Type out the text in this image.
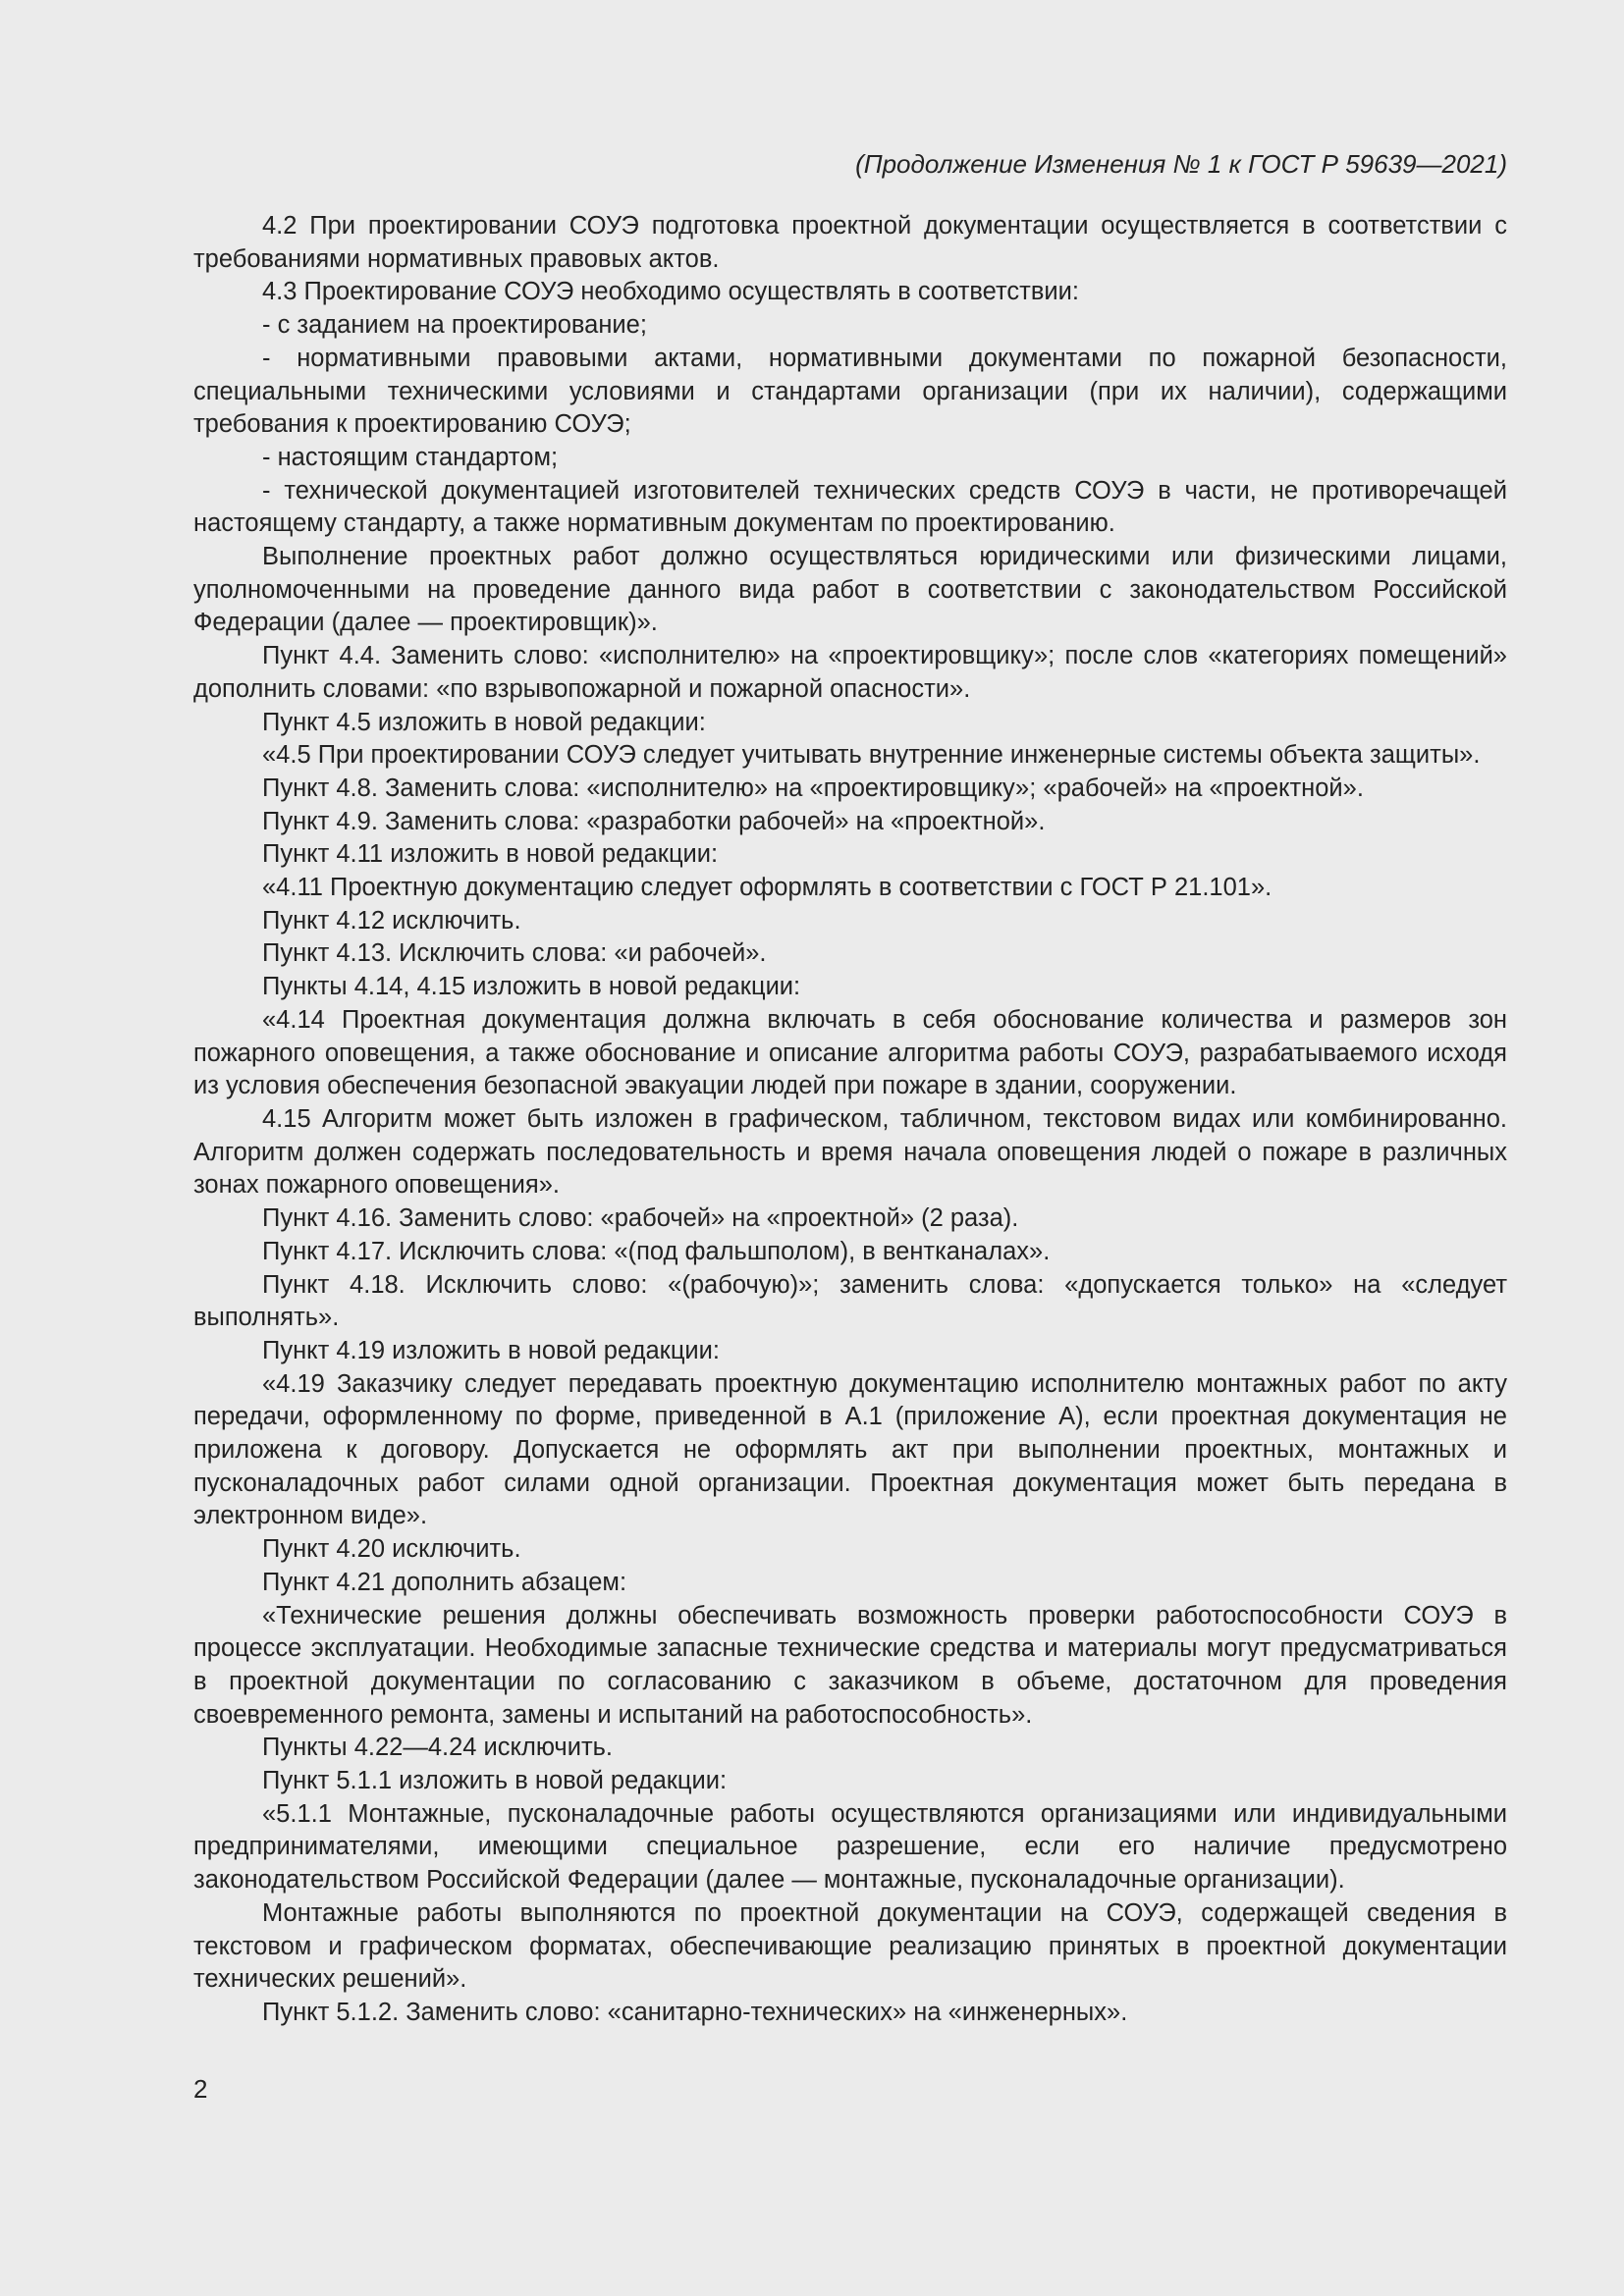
(Продолжение Изменения № 1 к ГОСТ Р 59639—2021)

4.2 При проектировании СОУЭ подготовка проектной документации осуществляется в соответствии с требованиями нормативных правовых актов.

4.3 Проектирование СОУЭ необходимо осуществлять в соответствии:

- с заданием на проектирование;

- нормативными правовыми актами, нормативными документами по пожарной безопасности, специальными техническими условиями и стандартами организации (при их наличии), содержащими требования к проектированию СОУЭ;

- настоящим стандартом;

- технической документацией изготовителей технических средств СОУЭ в части, не противоречащей настоящему стандарту, а также нормативным документам по проектированию.

Выполнение проектных работ должно осуществляться юридическими или физическими лицами, уполномоченными на проведение данного вида работ в соответствии с законодательством Российской Федерации (далее — проектировщик)».

Пункт 4.4. Заменить слово: «исполнителю» на «проектировщику»; после слов «категориях помещений» дополнить словами: «по взрывопожарной и пожарной опасности».

Пункт 4.5 изложить в новой редакции:

«4.5 При проектировании СОУЭ следует учитывать внутренние инженерные системы объекта защиты».

Пункт 4.8. Заменить слова: «исполнителю» на «проектировщику»; «рабочей» на «проектной».

Пункт 4.9. Заменить слова: «разработки рабочей» на «проектной».

Пункт 4.11 изложить в новой редакции:

«4.11 Проектную документацию следует оформлять в соответствии с ГОСТ Р 21.101».

Пункт 4.12 исключить.

Пункт 4.13. Исключить слова: «и рабочей».

Пункты 4.14, 4.15 изложить в новой редакции:

«4.14 Проектная документация должна включать в себя обоснование количества и размеров зон пожарного оповещения, а также обоснование и описание алгоритма работы СОУЭ, разрабатываемого исходя из условия обеспечения безопасной эвакуации людей при пожаре в здании, сооружении.

4.15 Алгоритм может быть изложен в графическом, табличном, текстовом видах или комбинированно. Алгоритм должен содержать последовательность и время начала оповещения людей о пожаре в различных зонах пожарного оповещения».

Пункт 4.16. Заменить слово: «рабочей» на «проектной» (2 раза).

Пункт 4.17. Исключить слова: «(под фальшполом), в вентканалах».

Пункт 4.18. Исключить слово: «(рабочую)»; заменить слова: «допускается только» на «следует выполнять».

Пункт 4.19 изложить в новой редакции:

«4.19 Заказчику следует передавать проектную документацию исполнителю монтажных работ по акту передачи, оформленному по форме, приведенной в А.1 (приложение А), если проектная документация не приложена к договору. Допускается не оформлять акт при выполнении проектных, монтажных и пусконаладочных работ силами одной организации. Проектная документация может быть передана в электронном виде».

Пункт 4.20 исключить.

Пункт 4.21 дополнить абзацем:

«Технические решения должны обеспечивать возможность проверки работоспособности СОУЭ в процессе эксплуатации. Необходимые запасные технические средства и материалы могут предусматриваться в проектной документации по согласованию с заказчиком в объеме, достаточном для проведения своевременного ремонта, замены и испытаний на работоспособность».

Пункты 4.22—4.24 исключить.

Пункт 5.1.1 изложить в новой редакции:

«5.1.1 Монтажные, пусконаладочные работы осуществляются организациями или индивидуальными предпринимателями, имеющими специальное разрешение, если его наличие предусмотрено законодательством Российской Федерации (далее — монтажные, пусконаладочные организации).

Монтажные работы выполняются по проектной документации на СОУЭ, содержащей сведения в текстовом и графическом форматах, обеспечивающие реализацию принятых в проектной документации технических решений».

Пункт 5.1.2. Заменить слово: «санитарно-технических» на «инженерных».

2
